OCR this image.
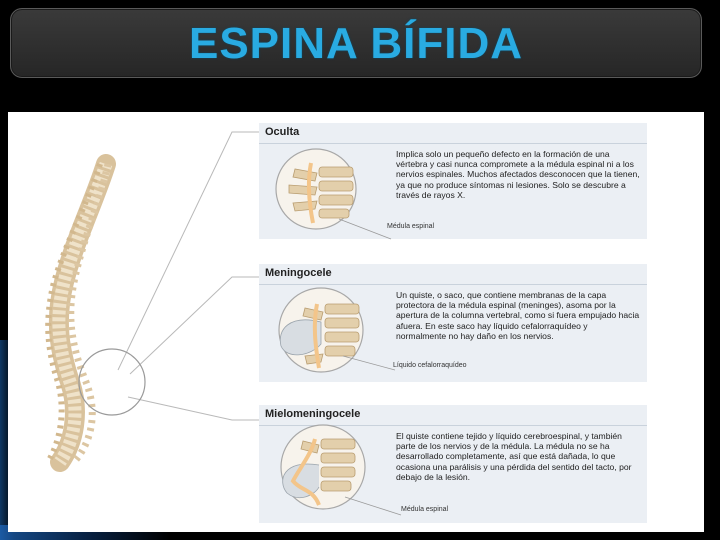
ESPINA BÍFIDA
Oculta

Implica solo un pequeño defecto en la formación de una vértebra y casi nunca compromete a la médula espinal ni a los nervios espinales. Muchos afectados desconocen que la tienen, ya que no produce síntomas ni lesiones. Solo se descubre a través de rayos X.

Médula espinal
Meningocele

Un quiste, o saco, que contiene membranas de la capa protectora de la médula espinal (meninges), asoma por la apertura de la columna vertebral, como si fuera empujado hacia afuera. En este saco hay líquido cefalorraquídeo y normalmente no hay daño en los nervios.

Líquido cefalorraquídeo
Mielomeningocele

El quiste contiene tejido y líquido cerebroespinal, y también parte de los nervios y de la médula. La médula no se ha desarrollado completamente, así que está dañada, lo que ocasiona una parálisis y una pérdida del sentido del tacto, por debajo de la lesión.

Médula espinal
